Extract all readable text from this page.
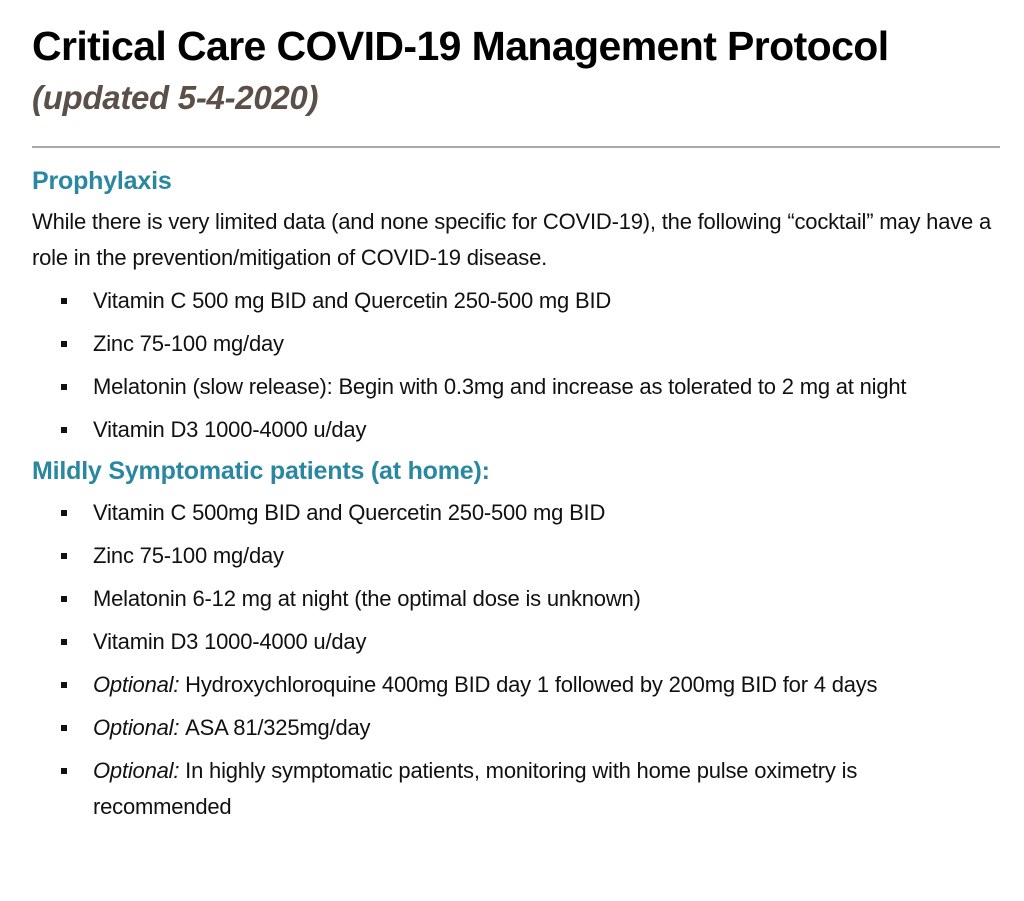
Critical Care COVID-19 Management Protocol
(updated 5-4-2020)
Prophylaxis

While there is very limited data (and none specific for COVID-19), the following “cocktail” may have a role in the prevention/mitigation of COVID-19 disease.

Vitamin C 500 mg BID and Quercetin 250-500 mg BID
Zinc 75-100 mg/day
Melatonin (slow release): Begin with 0.3mg and increase as tolerated to 2 mg at night
Vitamin D3 1000-4000 u/day
Mildly Symptomatic patients (at home):
Vitamin C 500mg BID and Quercetin 250-500 mg BID
Zinc 75-100 mg/day
Melatonin 6-12 mg at night (the optimal dose is unknown)
Vitamin D3 1000-4000 u/day
Optional: Hydroxychloroquine 400mg BID day 1 followed by 200mg BID for 4 days
Optional: ASA 81/325mg/day
Optional: In highly symptomatic patients, monitoring with home pulse oximetry is recommended
